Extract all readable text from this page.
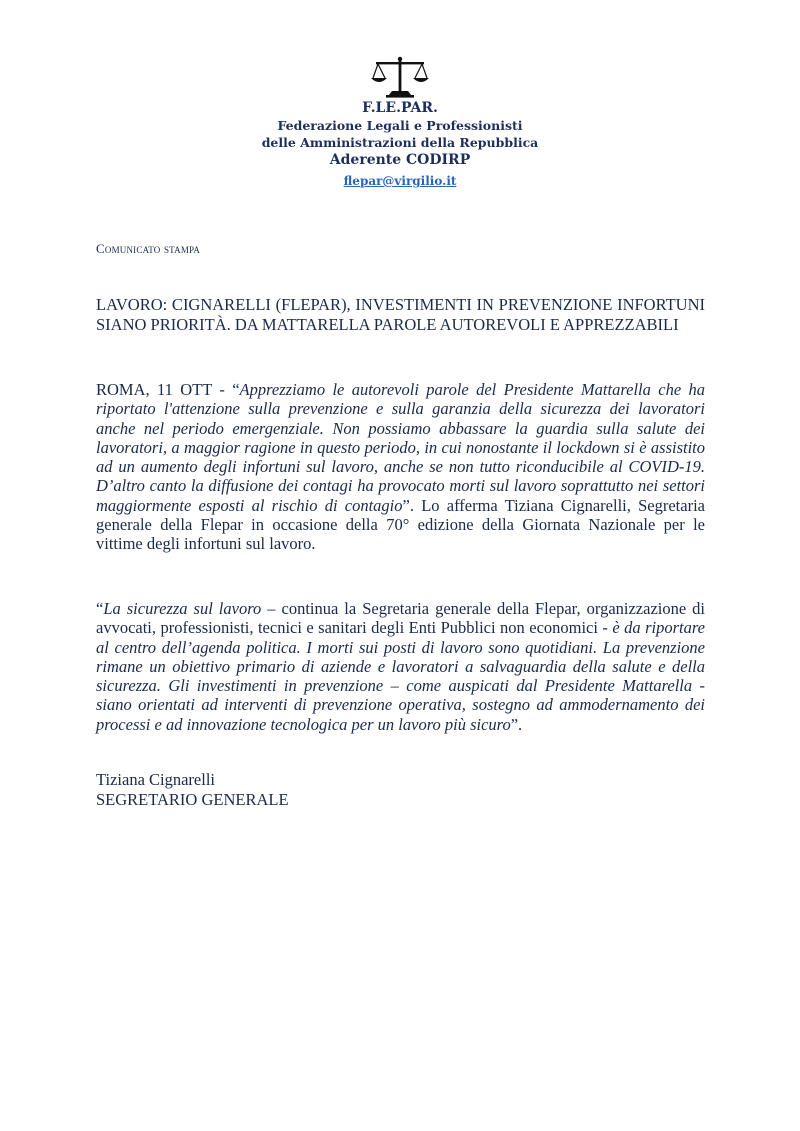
F.LE.PAR.
Federazione Legali e Professionisti
delle Amministrazioni della Repubblica
Aderente CODIRP
flepar@virgilio.it
Comunicato stampa
LAVORO: CIGNARELLI (FLEPAR), INVESTIMENTI IN PREVENZIONE INFORTUNI SIANO PRIORITÀ. DA MATTARELLA PAROLE AUTOREVOLI E APPREZZABILI
ROMA, 11 OTT - “Apprezziamo le autorevoli parole del Presidente Mattarella che ha riportato l'attenzione sulla prevenzione e sulla garanzia della sicurezza dei lavoratori anche nel periodo emergenziale. Non possiamo abbassare la guardia sulla salute dei lavoratori, a maggior ragione in questo periodo, in cui nonostante il lockdown si è assistito ad un aumento degli infortuni sul lavoro, anche se non tutto riconducibile al COVID-19. D’altro canto la diffusione dei contagi ha provocato morti sul lavoro soprattutto nei settori maggiormente esposti al rischio di contagio”. Lo afferma Tiziana Cignarelli, Segretaria generale della Flepar in occasione della 70° edizione della Giornata Nazionale per le vittime degli infortuni sul lavoro.
“La sicurezza sul lavoro – continua la Segretaria generale della Flepar, organizzazione di avvocati, professionisti, tecnici e sanitari degli Enti Pubblici non economici - è da riportare al centro dell’agenda politica. I morti sui posti di lavoro sono quotidiani. La prevenzione rimane un obiettivo primario di aziende e lavoratori a salvaguardia della salute e della sicurezza. Gli investimenti in prevenzione – come auspicati dal Presidente Mattarella - siano orientati ad interventi di prevenzione operativa, sostegno ad ammodernamento dei processi e ad innovazione tecnologica per un lavoro più sicuro”.
Tiziana Cignarelli
SEGRETARIO GENERALE
